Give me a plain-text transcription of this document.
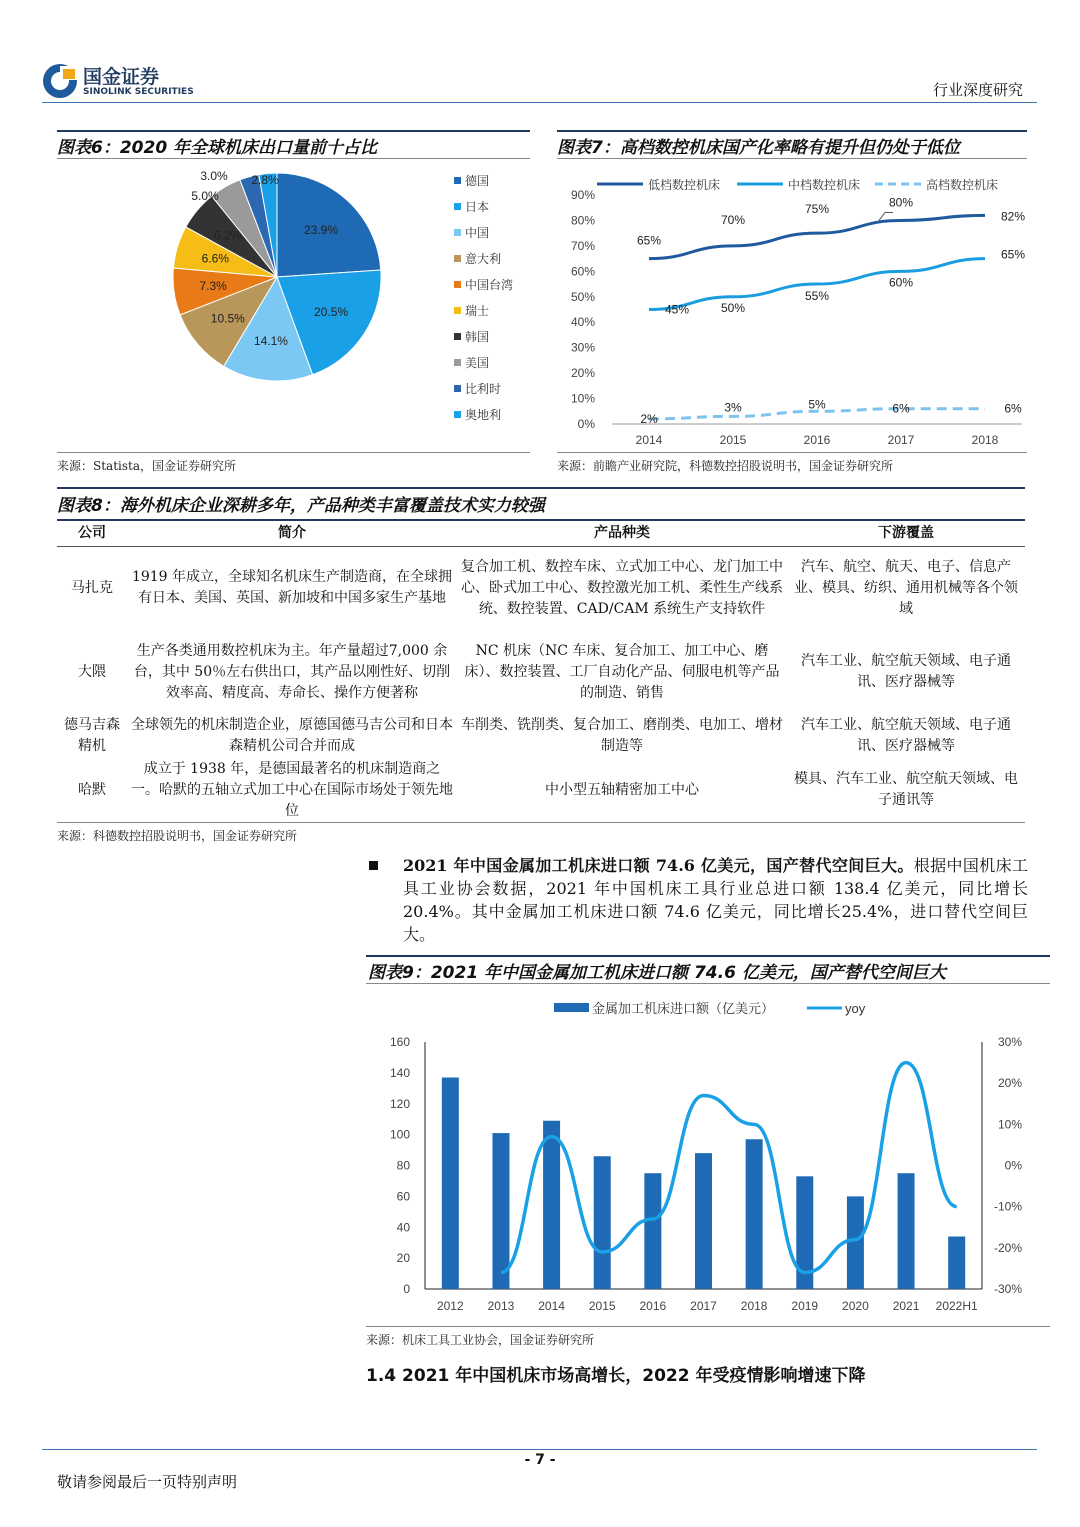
国金证券
SINOLINK SECURITIES	行业深度研究
图表6：2020 年全球机床出口量前十占比	图表7：高档数控机床国产化率略有提升但仍处于低位
23.9%
20.5%
14.1%
10.5%
7.3%
6.6%
6.2%
5.0%
3.0% 2.8%	德国
日本
中国
意大利
中国台湾
瑞士
韩国
美国
比利时
奥地利
0%
10%
20%
30%
40%
50%
60%
70%
80%
90%
2014	2015	2016	2017	2018
低档数控机床	中档数控机床	高档数控机床
65%
70%
75%	80%
82%
45%	50%
55%
60%
65%
2%
3%	5%	6%	6%
来源：Statista，国金证券研究所	来源：前瞻产业研究院，科德数控招股说明书，国金证券研究所
图表8：海外机床企业深耕多年，产品种类丰富覆盖技术实力较强
公司	简介	产品种类	下游覆盖
马扎克	1919 年成立，全球知名机床生产制造商，在全球拥有日本、美国、英国、新加坡和中国多家生产基地	复合加工机、数控车床、立式加工中心、龙门加工中心、卧式加工中心、数控激光加工机、柔性生产线系统、数控装置、CAD/CAM 系统生产支持软件	汽车、航空、航天、电子、信息产业、模具、纺织、通用机械等各个领域
大隈	生产各类通用数控机床为主。年产量超过7,000 余台，其中 50％左右供出口，其产品以刚性好、切削效率高、精度高、寿命长、操作方便著称	NC 机床（NC 车床、复合加工、加工中心、磨床）、数控装置、工厂自动化产品、伺服电机等产品的制造、销售	汽车工业、航空航天领域、电子通讯、医疗器械等
德马吉森精机	全球领先的机床制造企业，原德国德马吉公司和日本森精机公司合并而成	车削类、铣削类、复合加工、磨削类、电加工、增材制造等	汽车工业、航空航天领域、电子通讯、医疗器械等
哈默	成立于 1938 年，是德国最著名的机床制造商之一。哈默的五轴立式加工中心在国际市场处于领先地位	中小型五轴精密加工中心	模具、汽车工业、航空航天领域、电子通讯等
来源：科德数控招股说明书，国金证券研究所
2021 年中国金属加工机床进口额 74.6 亿美元，国产替代空间巨大。根据中国机床工具工业协会数据，2021 年中国机床工具行业总进口额 138.4 亿美元，同比增长 20.4%。其中金属加工机床进口额 74.6 亿美元，同比增长25.4%，进口替代空间巨大。
图表9：2021 年中国金属加工机床进口额 74.6 亿美元，国产替代空间巨大
0
20
40
60
80
100
120
140
160
-30%
-20%
-10%
0%
10%
20%
30%
2012 2013 2014 2015 2016 2017 2018 2019 2020 2021 2022H1
金属加工机床进口额（亿美元）	yoy
来源：机床工具工业协会，国金证券研究所
1.4 2021 年中国机床市场高增长，2022 年受疫情影响增速下降
- 7 -
敬请参阅最后一页特别声明
